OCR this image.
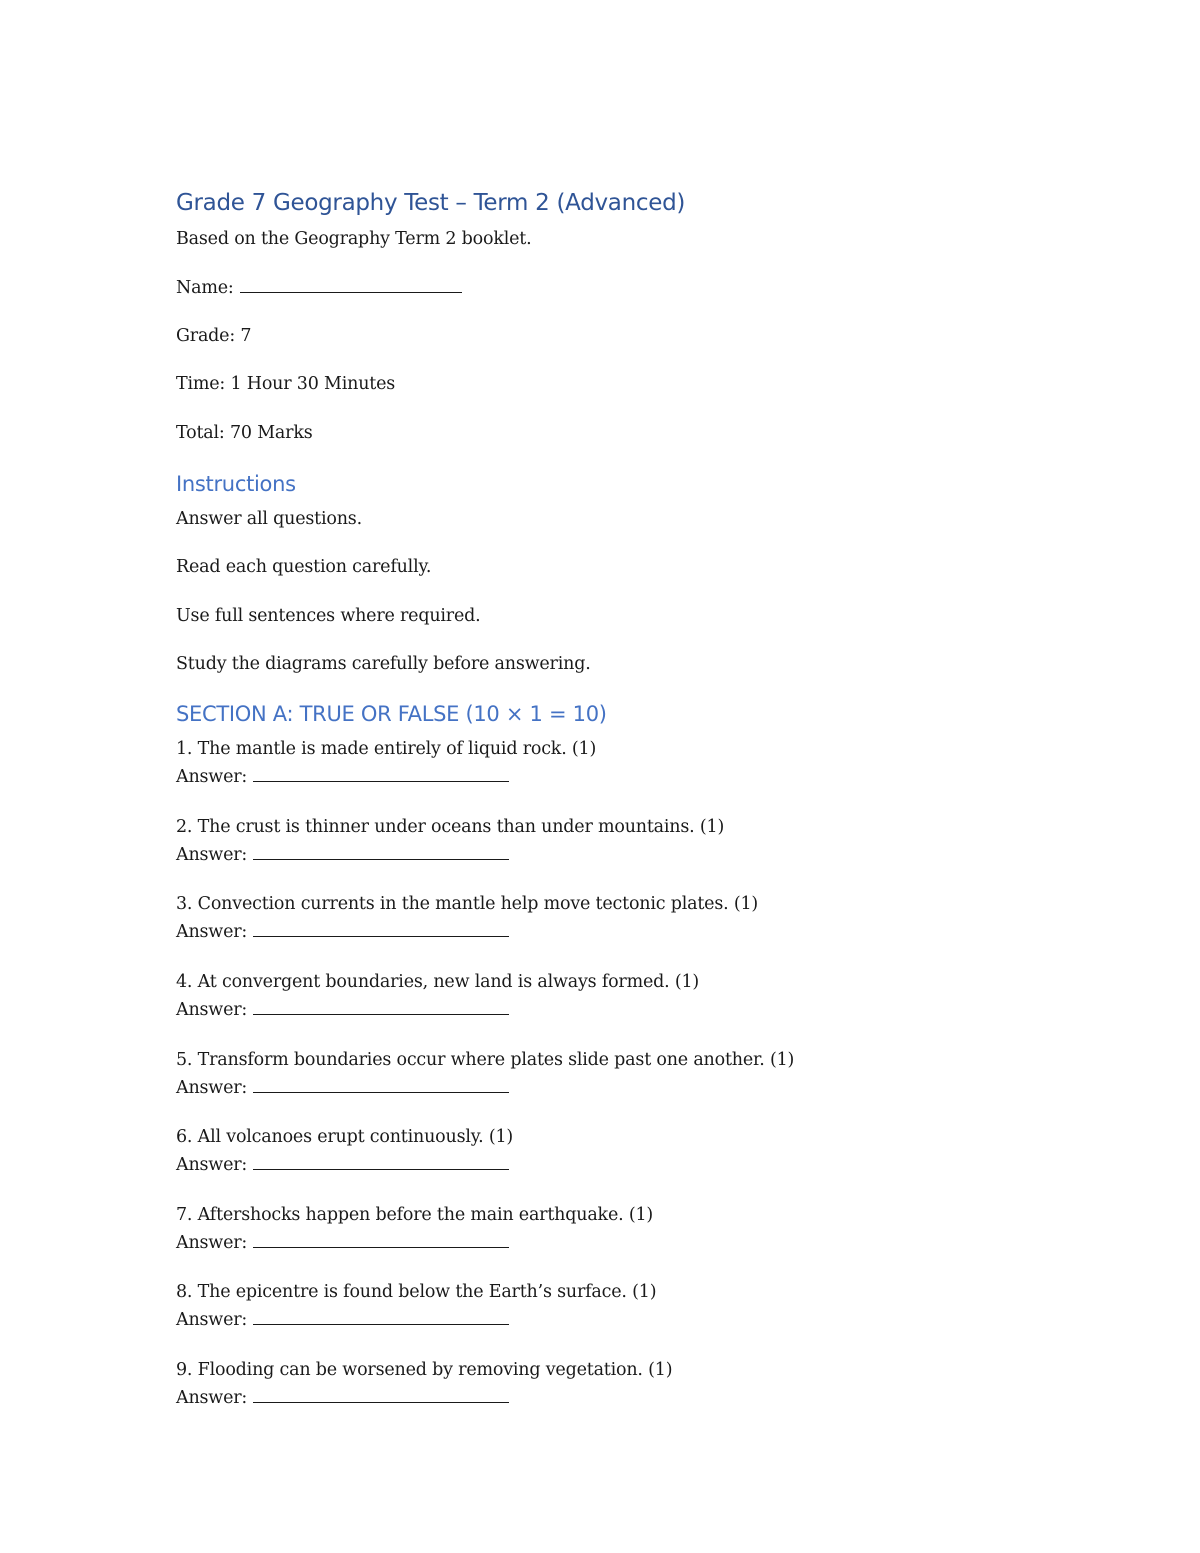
Grade 7 Geography Test – Term 2 (Advanced)
Based on the Geography Term 2 booklet.
Name:
Grade: 7
Time: 1 Hour 30 Minutes
Total: 70 Marks
Instructions
Answer all questions.
Read each question carefully.
Use full sentences where required.
Study the diagrams carefully before answering.
SECTION A: TRUE OR FALSE (10 × 1 = 10)
1. The mantle is made entirely of liquid rock. (1)
Answer:
2. The crust is thinner under oceans than under mountains. (1)
Answer:
3. Convection currents in the mantle help move tectonic plates. (1)
Answer:
4. At convergent boundaries, new land is always formed. (1)
Answer:
5. Transform boundaries occur where plates slide past one another. (1)
Answer:
6. All volcanoes erupt continuously. (1)
Answer:
7. Aftershocks happen before the main earthquake. (1)
Answer:
8. The epicentre is found below the Earth’s surface. (1)
Answer:
9. Flooding can be worsened by removing vegetation. (1)
Answer:
